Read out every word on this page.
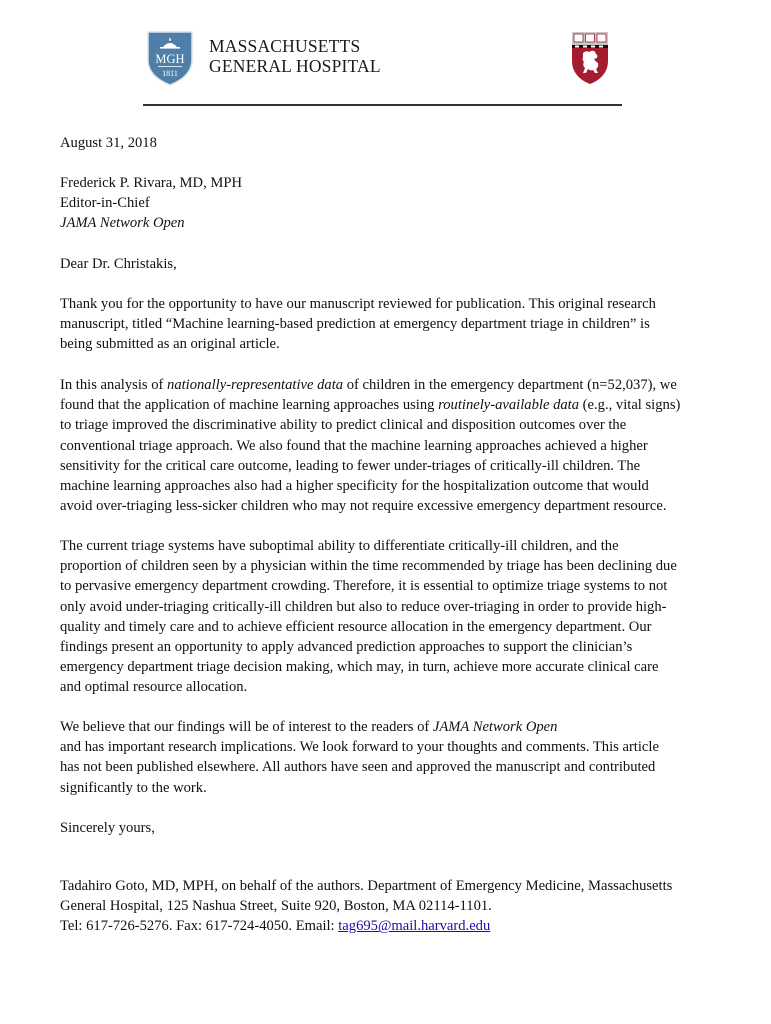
MGH
1811
MASSACHUSETTS
GENERAL HOSPITAL

August 31, 2018

Frederick P. Rivara, MD, MPH
Editor-in-Chief
JAMA Network Open

Dear Dr. Christakis,

Thank you for the opportunity to have our manuscript reviewed for publication. This original research
manuscript, titled “Machine learning-based prediction at emergency department triage in children” is
being submitted as an original article.
In this analysis of nationally-representative data of children in the emergency department (n=52,037), we
found that the application of machine learning approaches using routinely-available data (e.g., vital signs)
to triage improved the discriminative ability to predict clinical and disposition outcomes over the
conventional triage approach. We also found that the machine learning approaches achieved a higher
sensitivity for the critical care outcome, leading to fewer under-triages of critically-ill children. The
machine learning approaches also had a higher specificity for the hospitalization outcome that would
avoid over-triaging less-sicker children who may not require excessive emergency department resource.
The current triage systems have suboptimal ability to differentiate critically-ill children, and the
proportion of children seen by a physician within the time recommended by triage has been declining due
to pervasive emergency department crowding. Therefore, it is essential to optimize triage systems to not
only avoid under-triaging critically-ill children but also to reduce over-triaging in order to provide high-
quality and timely care and to achieve efficient resource allocation in the emergency department. Our
findings present an opportunity to apply advanced prediction approaches to support the clinician’s
emergency department triage decision making, which may, in turn, achieve more accurate clinical care
and optimal resource allocation.
We believe that our findings will be of interest to the readers of JAMA Network Open
and has important research implications. We look forward to your thoughts and comments. This article
has not been published elsewhere. All authors have seen and approved the manuscript and contributed
significantly to the work.

Sincerely yours,

Tadahiro Goto, MD, MPH, on behalf of the authors. Department of Emergency Medicine, Massachusetts
General Hospital, 125 Nashua Street, Suite 920, Boston, MA 02114-1101.
Tel: 617-726-5276. Fax: 617-724-4050. Email: tag695@mail.harvard.edu
